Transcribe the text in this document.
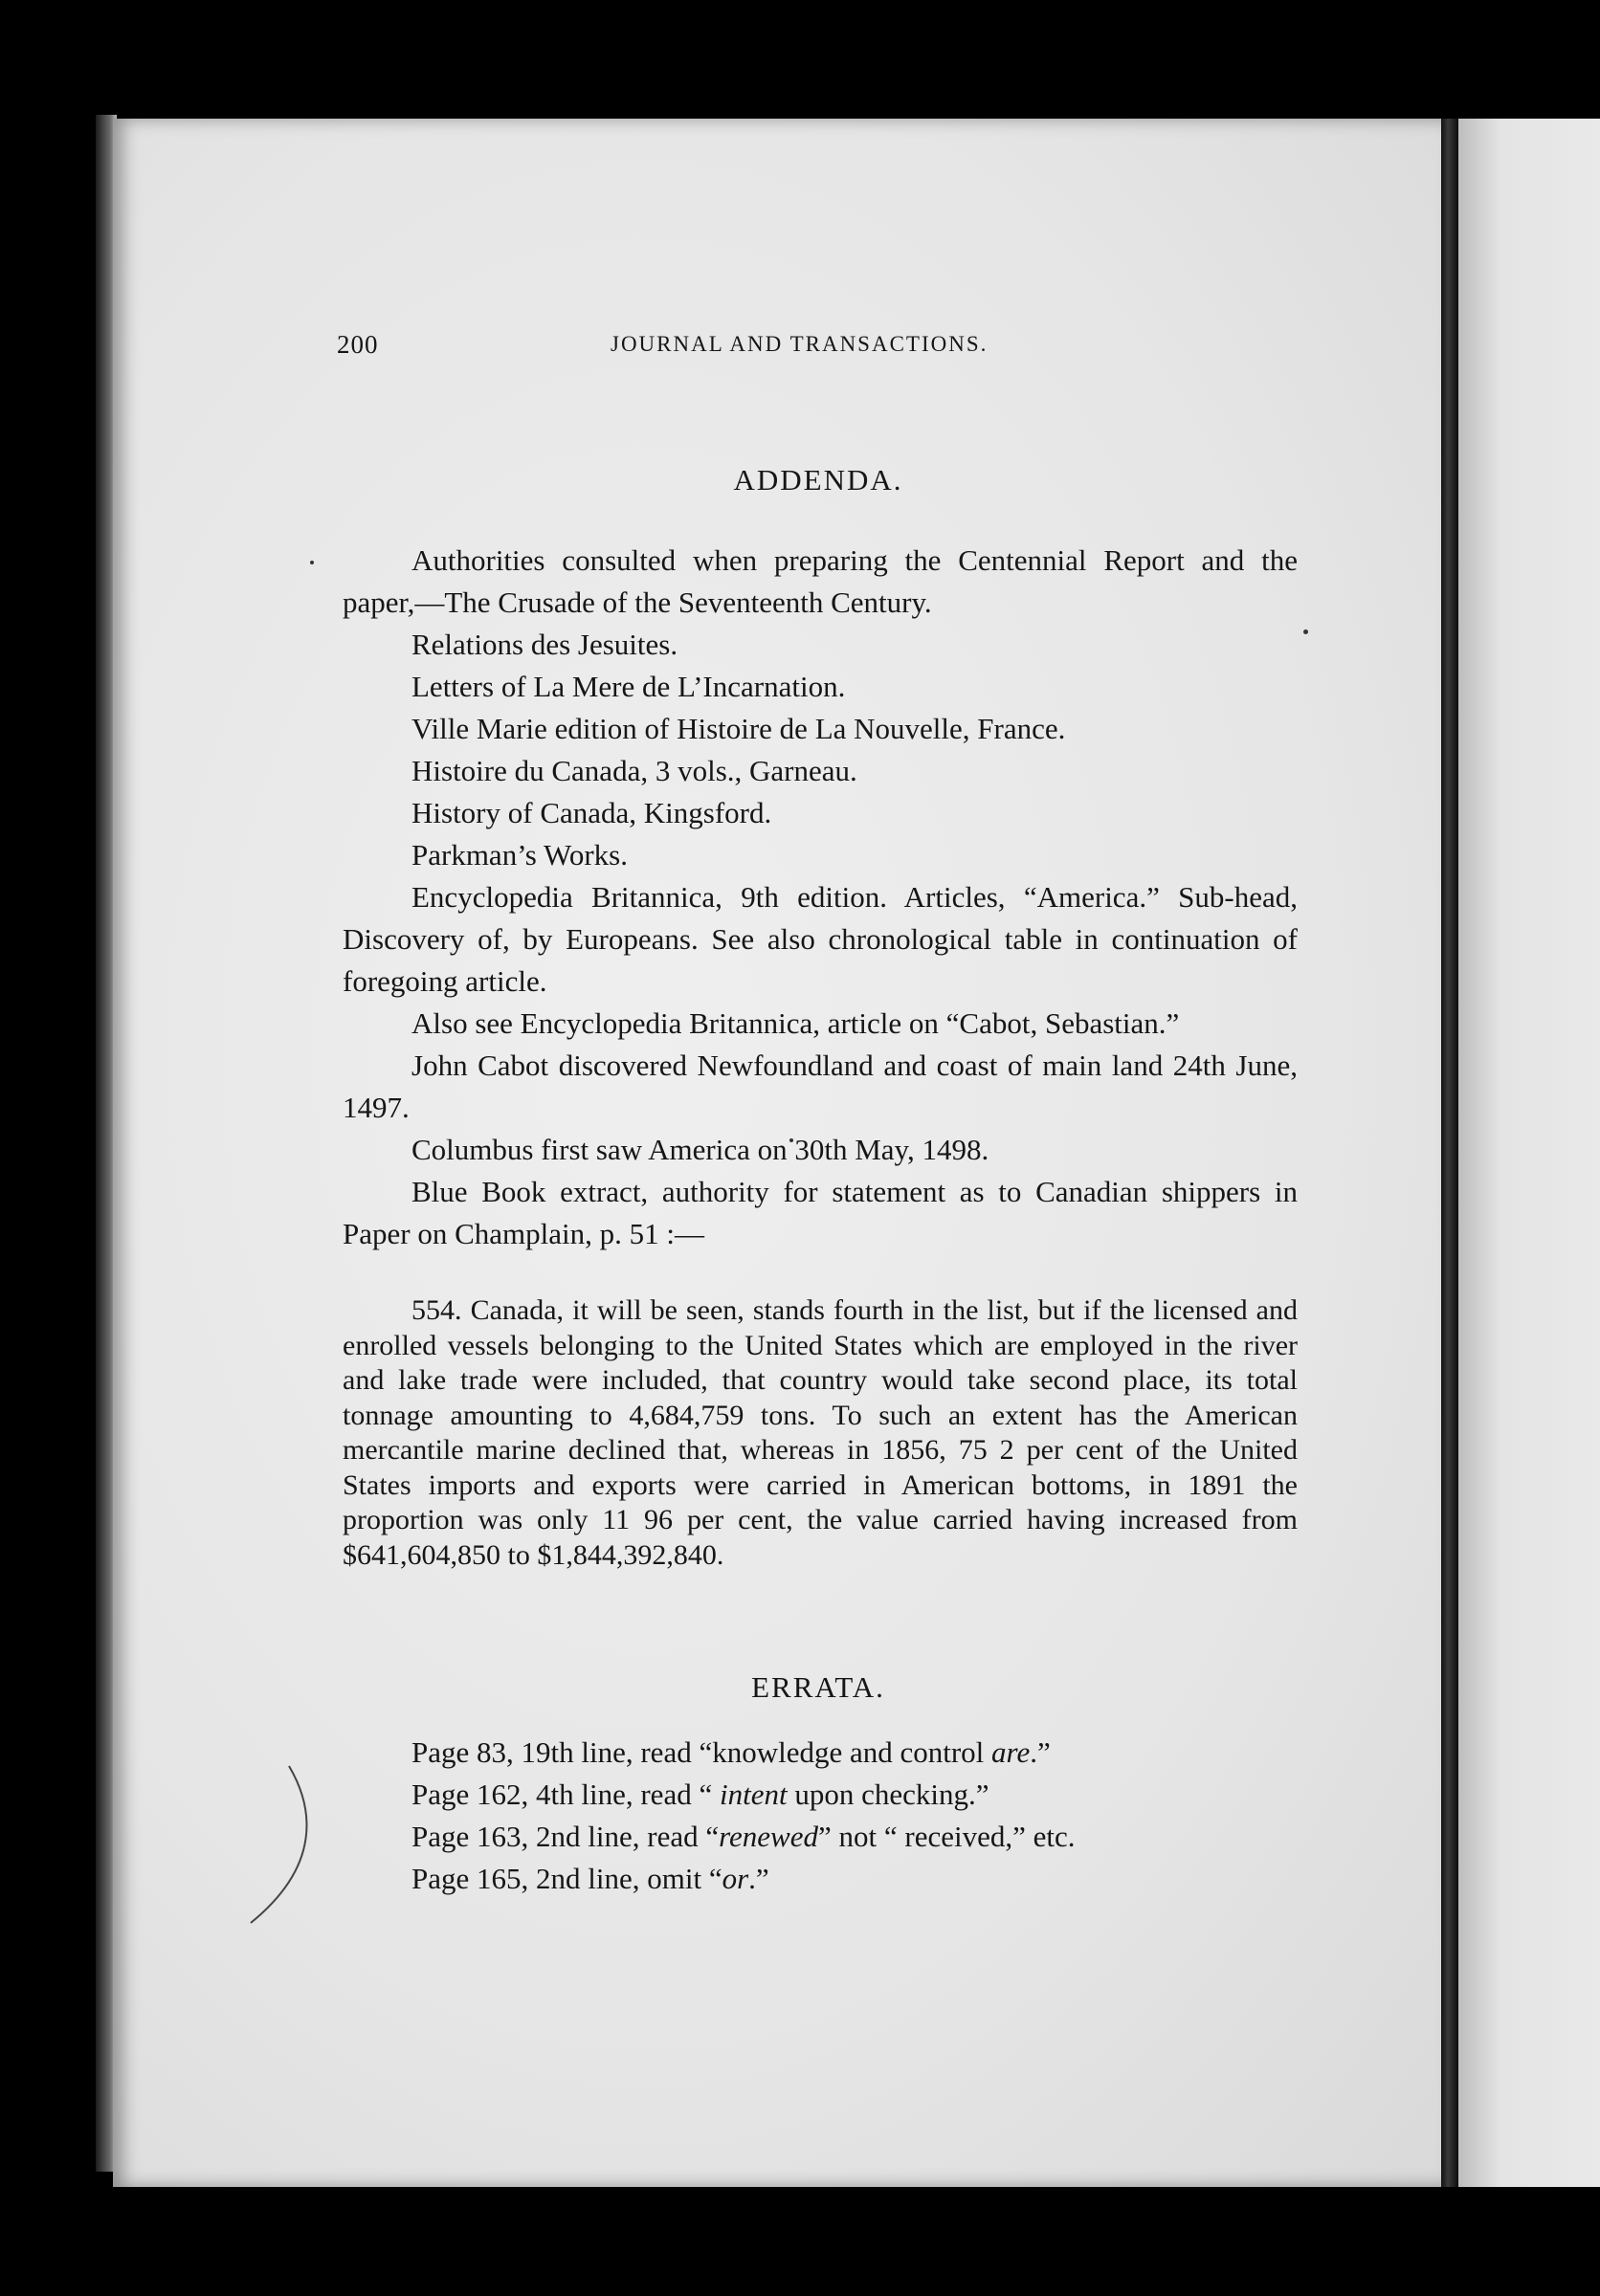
200	JOURNAL AND TRANSACTIONS.
ADDENDA.

Authorities consulted when preparing the Centennial Report and the paper,—The Crusade of the Seventeenth Century.

Relations des Jesuites.
Letters of La Mere de L’Incarnation.
Ville Marie edition of Histoire de La Nouvelle, France.
Histoire du Canada, 3 vols., Garneau.
History of Canada, Kingsford.
Parkman’s Works.

Encyclopedia Britannica, 9th edition. Articles, “America.” Sub-head, Discovery of, by Europeans. See also chronological table in continuation of foregoing article.

Also see Encyclopedia Britannica, article on “Cabot, Sebastian.”

John Cabot discovered Newfoundland and coast of main land 24th June, 1497.

Columbus first saw America on 30th May, 1498.

Blue Book extract, authority for statement as to Canadian shippers in Paper on Champlain, p. 51 :—

554. Canada, it will be seen, stands fourth in the list, but if the licensed and enrolled vessels belonging to the United States which are employed in the river and lake trade were included, that country would take second place, its total tonnage amounting to 4,684,759 tons. To such an extent has the American mercantile marine declined that, whereas in 1856, 75 2 per cent of the United States imports and exports were carried in American bottoms, in 1891 the proportion was only 11 96 per cent, the value carried having increased from $641,604,850 to $1,844,392,840.
ERRATA.
Page 83, 19th line, read “knowledge and control are.”
Page 162, 4th line, read “ intent upon checking.”
Page 163, 2nd line, read “renewed” not “ received,” etc.
Page 165, 2nd line, omit “or.”
